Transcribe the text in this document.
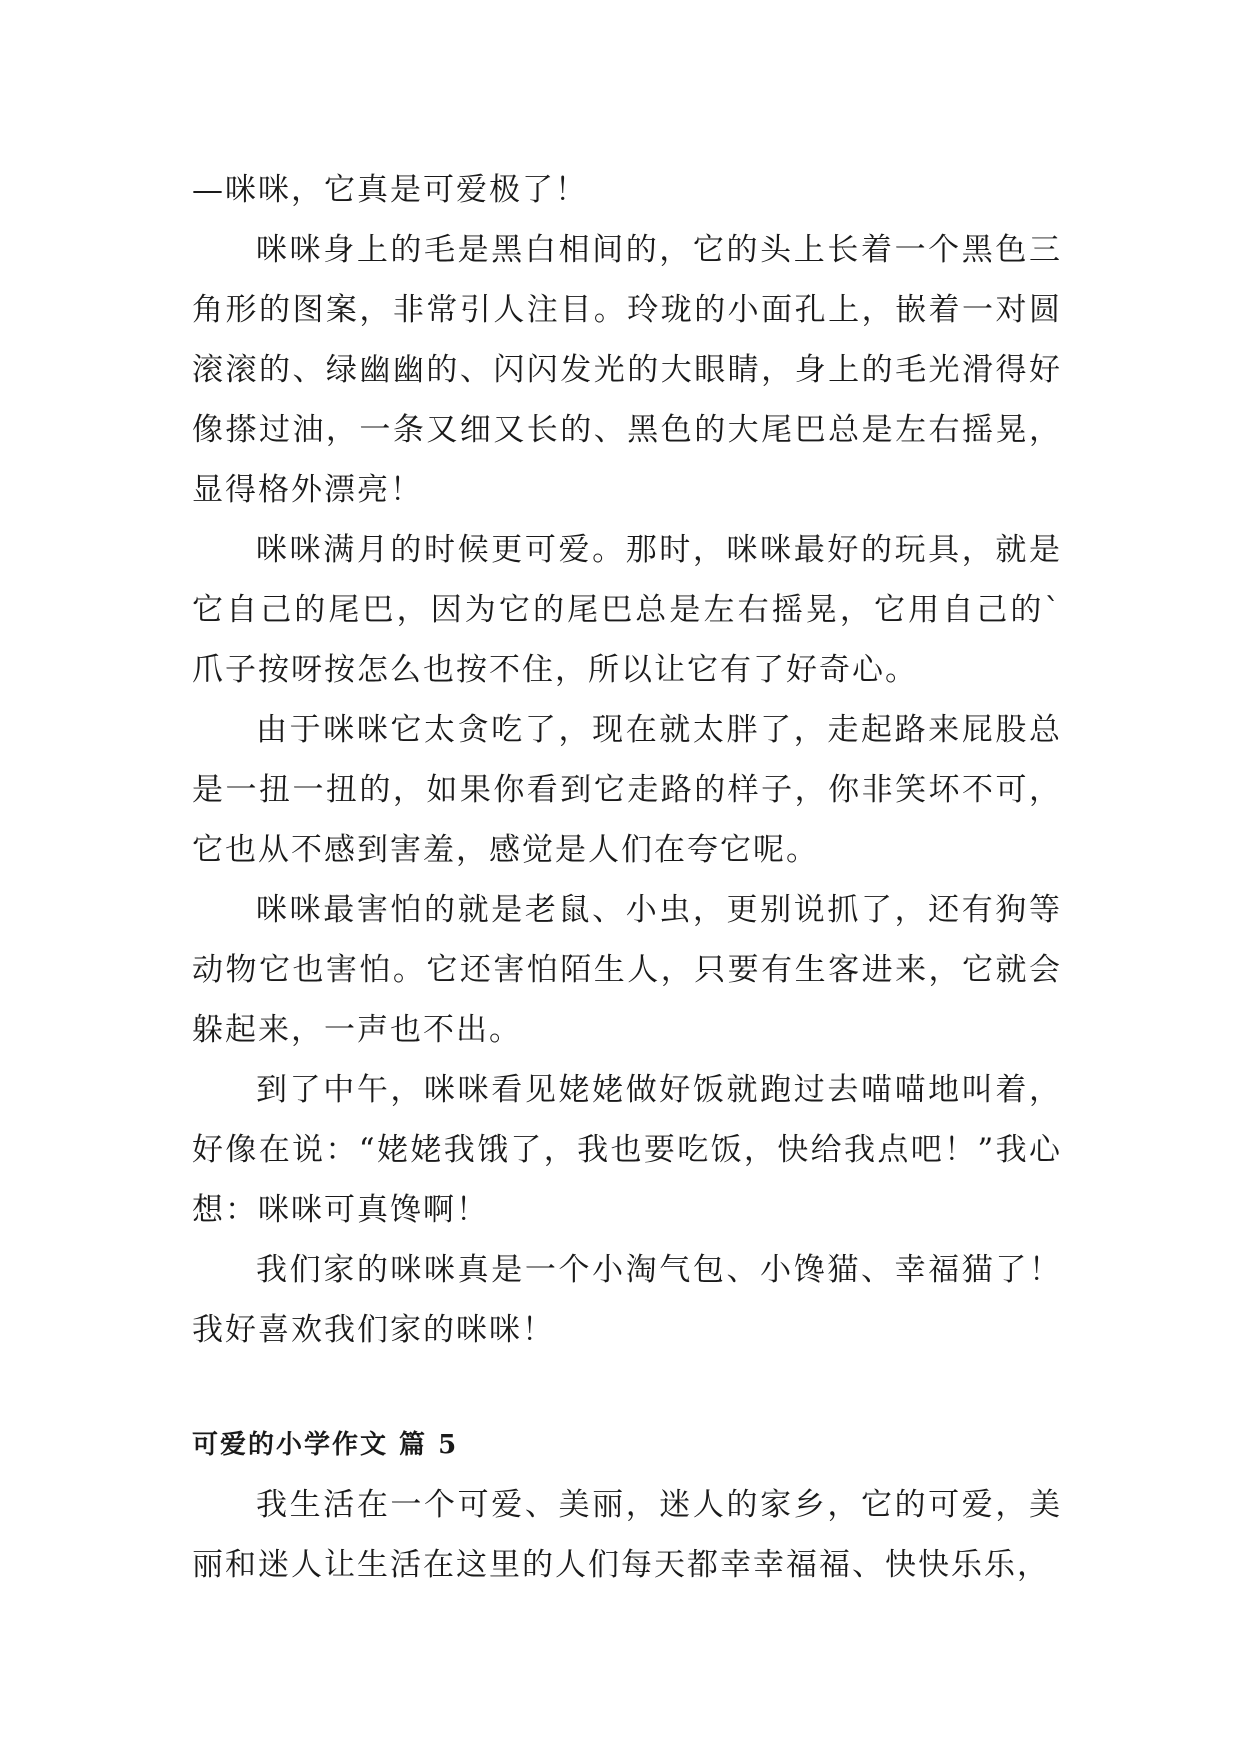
—咪咪，它真是可爱极了！

咪咪身上的毛是黑白相间的，它的头上长着一个黑色三角形的图案，非常引人注目。玲珑的小面孔上，嵌着一对圆滚滚的、绿幽幽的、闪闪发光的大眼睛，身上的毛光滑得好像搽过油，一条又细又长的、黑色的大尾巴总是左右摇晃，显得格外漂亮！

咪咪满月的时候更可爱。那时，咪咪最好的玩具，就是它自己的尾巴，因为它的尾巴总是左右摇晃，它用自己的`爪子按呀按怎么也按不住，所以让它有了好奇心。

由于咪咪它太贪吃了，现在就太胖了，走起路来屁股总是一扭一扭的，如果你看到它走路的样子，你非笑坏不可，它也从不感到害羞，感觉是人们在夸它呢。

咪咪最害怕的就是老鼠、小虫，更别说抓了，还有狗等动物它也害怕。它还害怕陌生人，只要有生客进来，它就会躲起来，一声也不出。

到了中午，咪咪看见姥姥做好饭就跑过去喵喵地叫着，好像在说：“姥姥我饿了，我也要吃饭，快给我点吧！”我心想：咪咪可真馋啊！

我们家的咪咪真是一个小淘气包、小馋猫、幸福猫了！我好喜欢我们家的咪咪！

可爱的小学作文 篇 5

我生活在一个可爱、美丽，迷人的家乡，它的可爱，美丽和迷人让生活在这里的人们每天都幸幸福福、快快乐乐，
